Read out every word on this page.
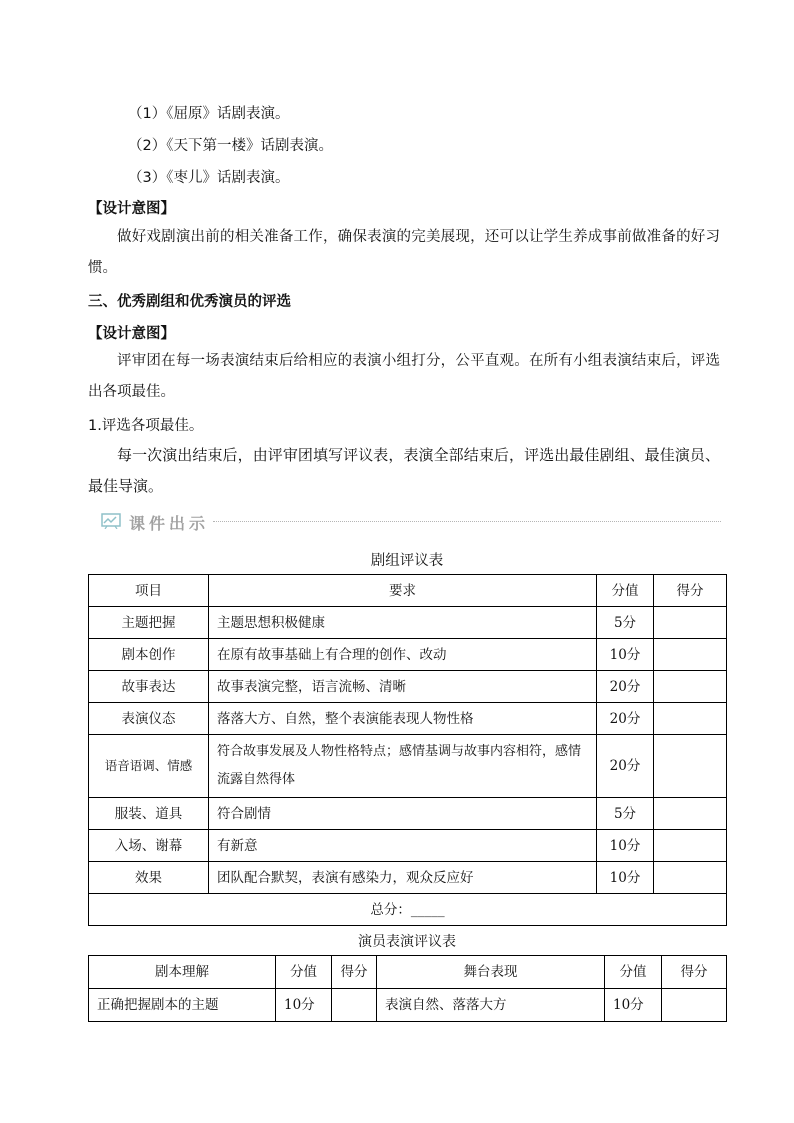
（1）《屈原》话剧表演。
（2）《天下第一楼》话剧表演。
（3）《枣儿》话剧表演。
【设计意图】
做好戏剧演出前的相关准备工作，确保表演的完美展现，还可以让学生养成事前做准备的好习惯。
三、优秀剧组和优秀演员的评选
【设计意图】
评审团在每一场表演结束后给相应的表演小组打分，公平直观。在所有小组表演结束后，评选出各项最佳。
1.评选各项最佳。
每一次演出结束后，由评审团填写评议表，表演全部结束后，评选出最佳剧组、最佳演员、最佳导演。
课件出示
剧组评议表
项目	要求	分值	得分
主题把握	主题思想积极健康	5分	
剧本创作	在原有故事基础上有合理的创作、改动	10分	
故事表达	故事表演完整，语言流畅、清晰	20分	
表演仪态	落落大方、自然，整个表演能表现人物性格	20分	
语音语调、情感	符合故事发展及人物性格特点；感情基调与故事内容相符，感情流露自然得体	20分	
服装、道具	符合剧情	5分	
入场、谢幕	有新意	10分	
效果	团队配合默契，表演有感染力，观众反应好	10分	
总分：_____			
演员表演评议表
剧本理解	分值	得分	舞台表现	分值	得分
正确把握剧本的主题	10分		表演自然、落落大方	10分	
